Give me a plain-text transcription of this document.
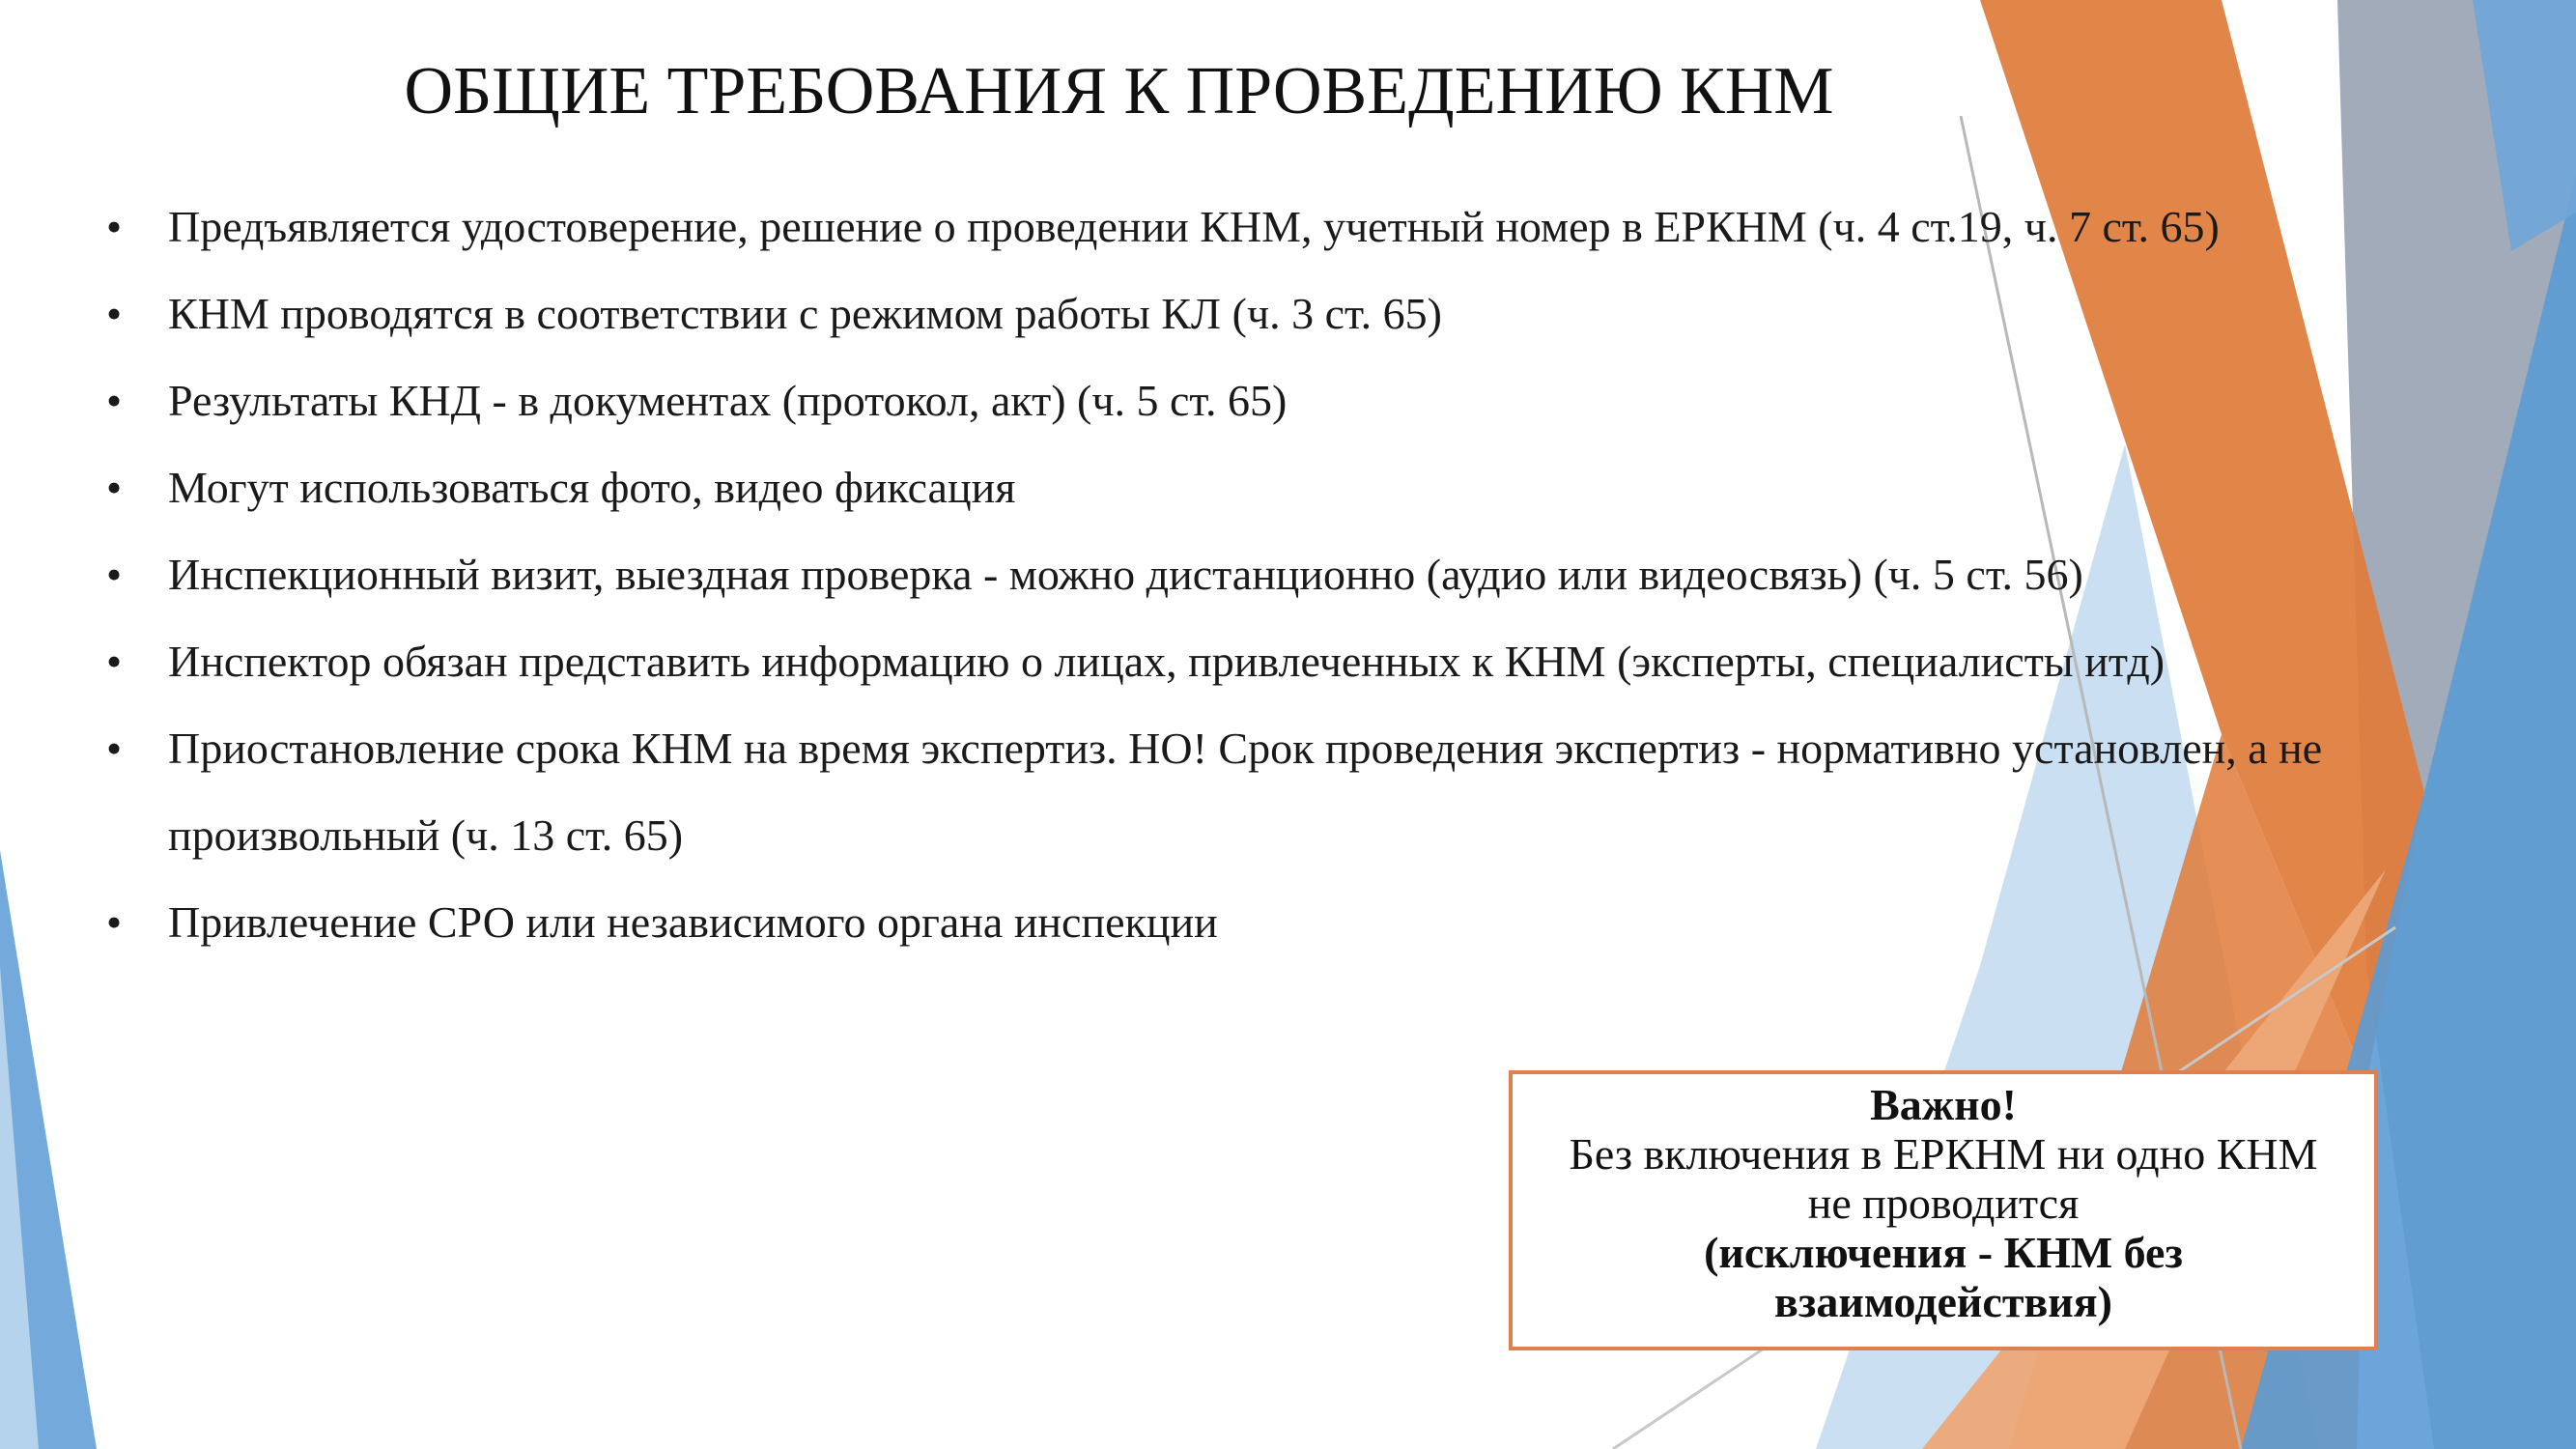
ОБЩИЕ ТРЕБОВАНИЯ К ПРОВЕДЕНИЮ КНМ
•	Предъявляется удостоверение, решение о проведении КНМ, учетный номер в ЕРКНМ (ч. 4 ст.19, ч. 7 ст. 65)
•	КНМ проводятся в соответствии с режимом работы КЛ (ч. 3 ст. 65)
•	Результаты КНД - в документах (протокол, акт) (ч. 5 ст. 65)
•	Могут использоваться фото, видео фиксация
•	Инспекционный визит, выездная проверка - можно дистанционно (аудио или видеосвязь) (ч. 5 ст. 56)
•	Инспектор обязан представить информацию о лицах, привлеченных к КНМ (эксперты, специалисты итд)
•	Приостановление срока КНМ на время экспертиз. НО! Срок проведения экспертиз - нормативно установлен, а не произвольный (ч. 13 ст. 65)
•	Привлечение СРО или независимого органа инспекции
Важно!
Без включения в ЕРКНМ ни одно КНМ
не проводится
(исключения - КНМ без
взаимодействия)
